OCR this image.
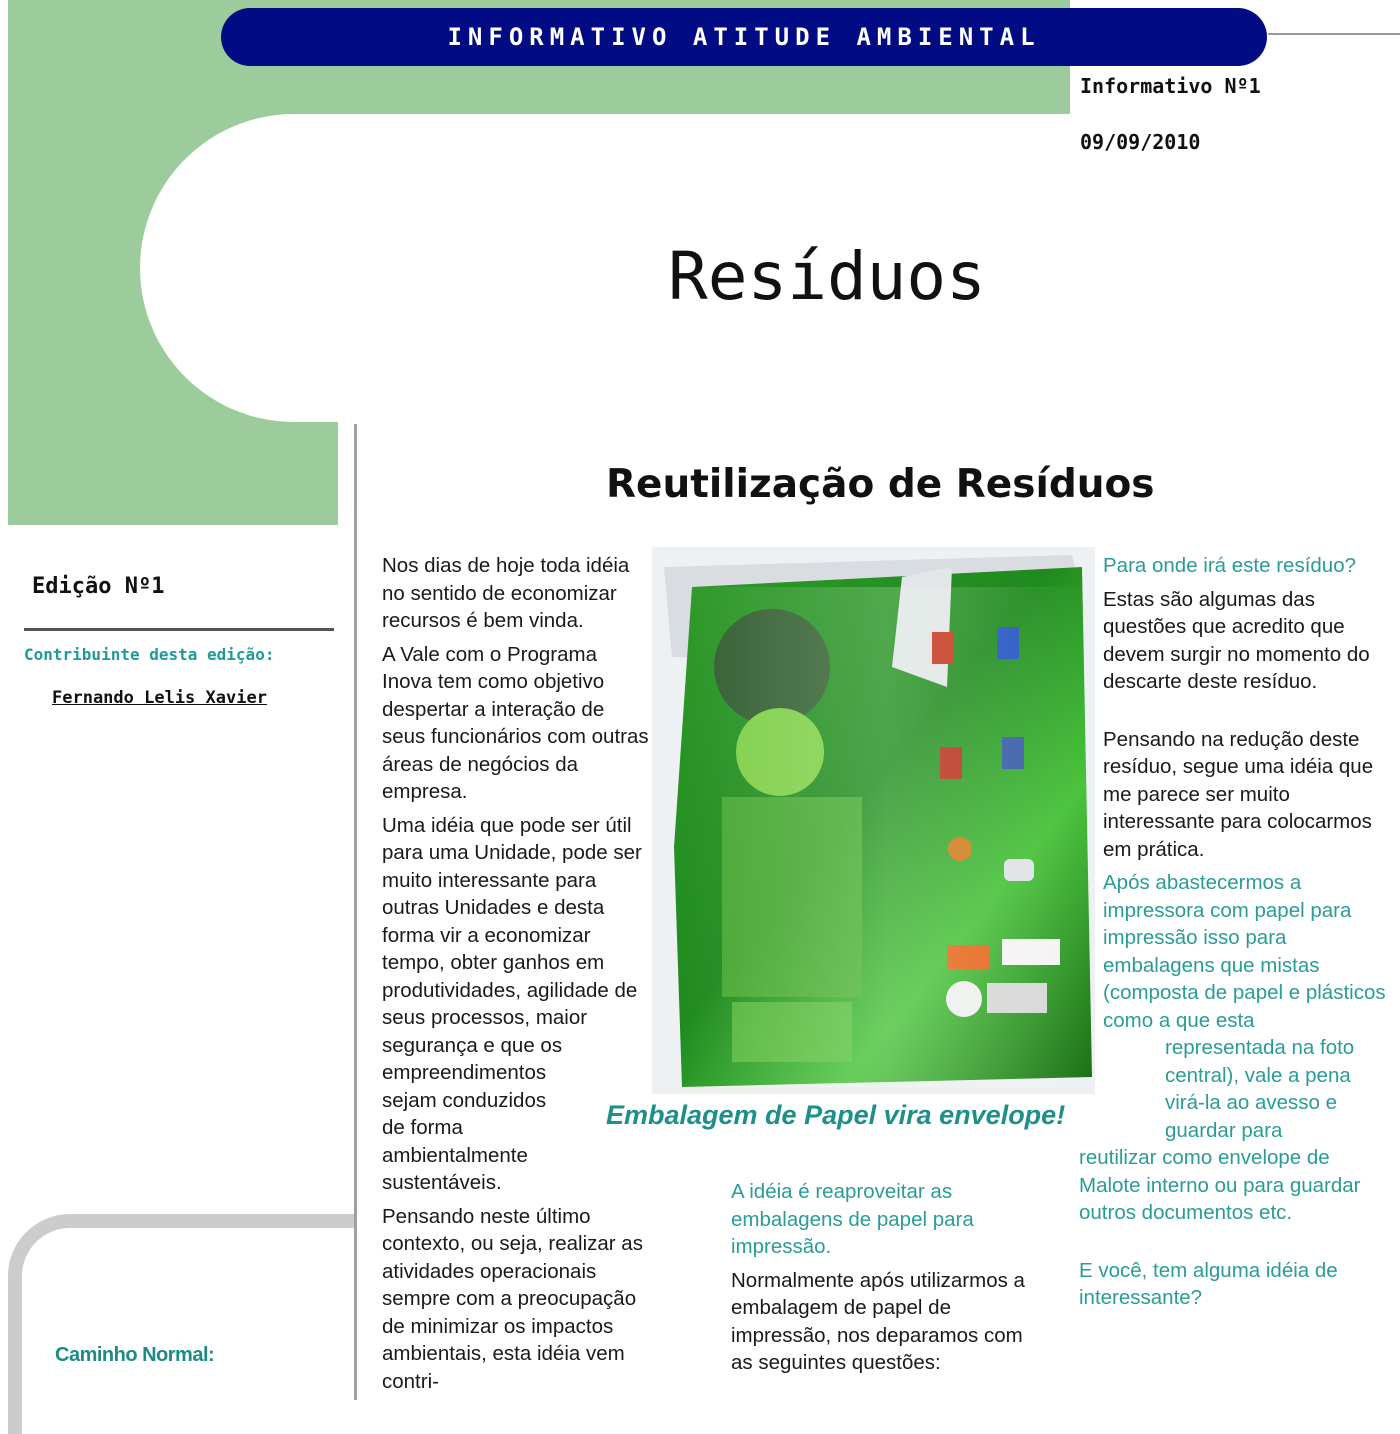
INFORMATIVO ATITUDE AMBIENTAL
Informativo Nº1
09/09/2010
Resíduos
Edição Nº1
Contribuinte desta edição:
Fernando Lelis Xavier
Caminho Normal:
Reutilização de Resíduos

Nos dias de hoje toda idéia no sentido de economizar recursos é bem vinda.

A Vale com o Programa Inova tem como objetivo despertar a interação de seus funcionários com outras áreas de negócios da empresa.

Uma idéia que pode ser útil para uma Unidade, pode ser muito interessante para outras Unidades e desta forma vir a economizar tempo, obter ganhos em produtividades, agilidade de seus processos, maior segurança e que os

empreendimentos sejam conduzidos de forma ambientalmente sustentáveis.

Pensando neste último contexto, ou seja, realizar as atividades operacionais sempre com a preocupação de minimizar os impactos ambientais, esta idéia vem contri-

Embalagem de Papel vira envelope!

Para onde irá este resíduo?

Estas são algumas das questões que acredito que devem surgir no momento do descarte deste resíduo.

Pensando na redução deste resíduo, segue uma idéia que me parece ser muito interessante para colocarmos em prática.

Após abastecermos a impressora com papel para impressão isso para embalagens que mistas (composta de papel e plásticos como a que esta

representada na foto central), vale a pena virá-la ao avesso e guardar para

reutilizar como envelope de Malote interno ou para guardar outros documentos etc.

E você, tem alguma idéia de interessante?

A idéia é reaproveitar as embalagens de papel para impressão.

Normalmente após utilizarmos a embalagem de papel de impressão, nos deparamos com as seguintes questões:
